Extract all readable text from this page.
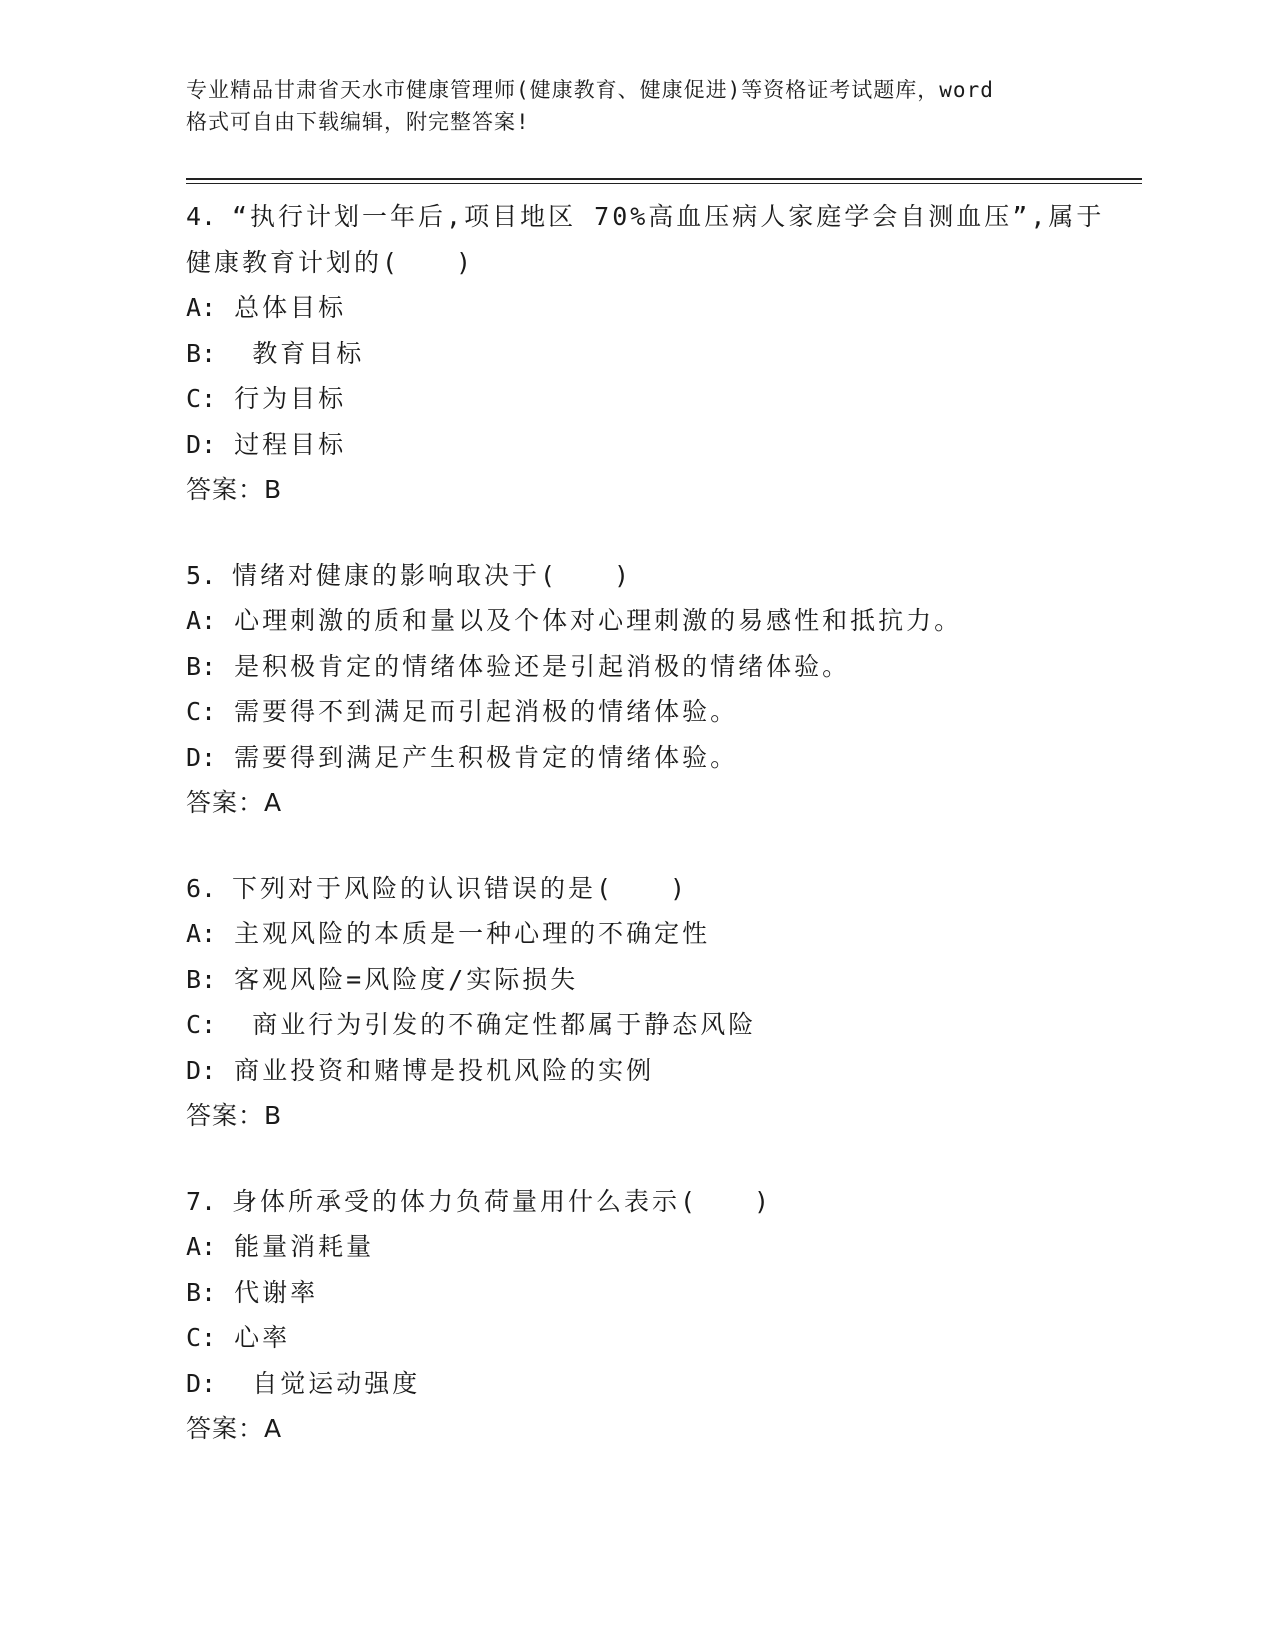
专业精品甘肃省天水市健康管理师(健康教育、健康促进)等资格证考试题库，word
格式可自由下载编辑，附完整答案!

4. “执行计划一年后,项目地区 70%高血压病人家庭学会自测血压”,属于健康教育计划的(　　)

A: 总体目标

B:  教育目标

C: 行为目标

D: 过程目标

答案：B

5. 情绪对健康的影响取决于(　　)

A: 心理刺激的质和量以及个体对心理刺激的易感性和抵抗力。

B: 是积极肯定的情绪体验还是引起消极的情绪体验。

C: 需要得不到满足而引起消极的情绪体验。

D: 需要得到满足产生积极肯定的情绪体验。

答案：A

6. 下列对于风险的认识错误的是(　　)

A: 主观风险的本质是一种心理的不确定性

B: 客观风险=风险度/实际损失

C:  商业行为引发的不确定性都属于静态风险

D: 商业投资和赌博是投机风险的实例

答案：B

7. 身体所承受的体力负荷量用什么表示(　　)

A: 能量消耗量

B: 代谢率

C: 心率

D:  自觉运动强度

答案：A
